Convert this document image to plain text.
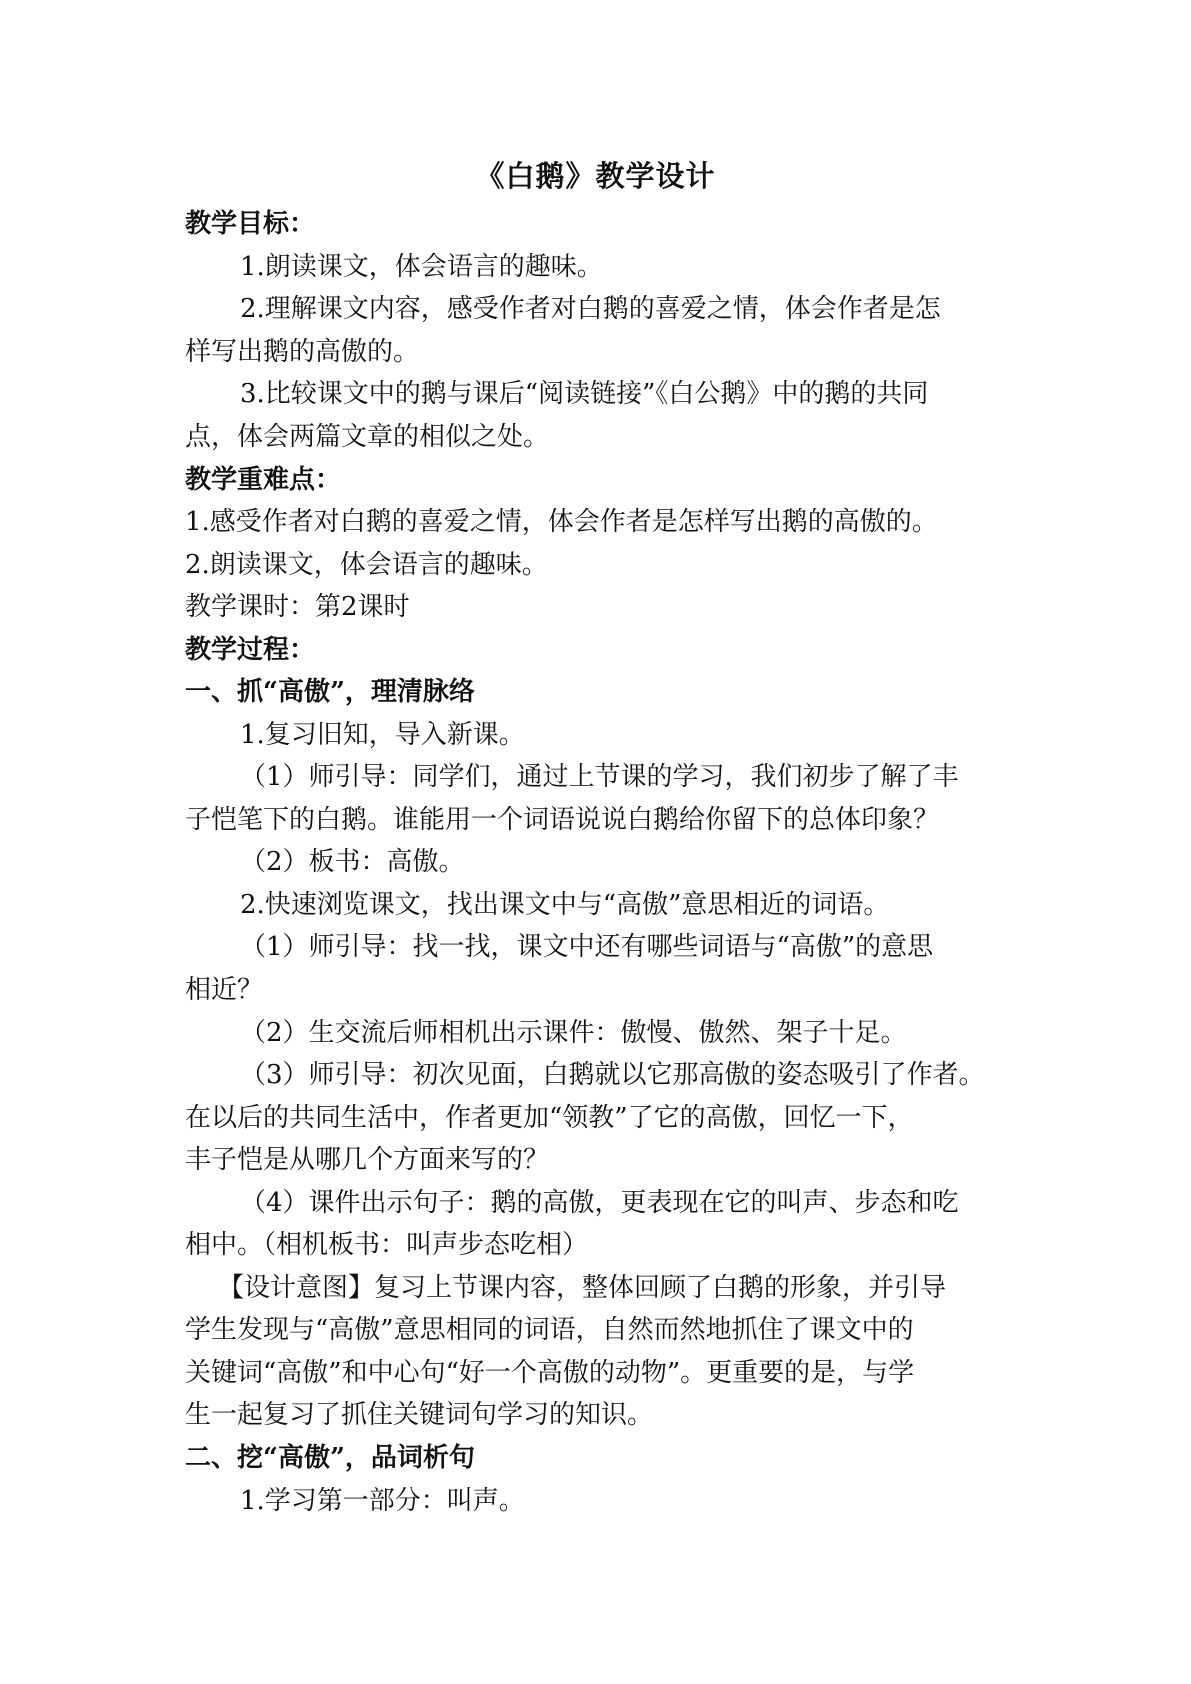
《白鹅》教学设计
教学目标：
1.朗读课文，体会语言的趣味。
2.理解课文内容，感受作者对白鹅的喜爱之情，体会作者是怎
样写出鹅的高傲的。
3.比较课文中的鹅与课后“阅读链接”《白公鹅》中的鹅的共同
点，体会两篇文章的相似之处。
教学重难点：
1.感受作者对白鹅的喜爱之情，体会作者是怎样写出鹅的高傲的。
2.朗读课文，体会语言的趣味。
教学课时：第2课时
教学过程：
一、抓“高傲”，理清脉络
1.复习旧知，导入新课。
（1）师引导：同学们，通过上节课的学习，我们初步了解了丰
子恺笔下的白鹅。谁能用一个词语说说白鹅给你留下的总体印象？
（2）板书：高傲。
2.快速浏览课文，找出课文中与“高傲”意思相近的词语。
（1）师引导：找一找，课文中还有哪些词语与“高傲”的意思
相近？
（2）生交流后师相机出示课件：傲慢、傲然、架子十足。
（3）师引导：初次见面，白鹅就以它那高傲的姿态吸引了作者。
在以后的共同生活中，作者更加“领教”了它的高傲，回忆一下，
丰子恺是从哪几个方面来写的？
（4）课件出示句子：鹅的高傲，更表现在它的叫声、步态和吃
相中。（相机板书：叫声步态吃相）
【设计意图】复习上节课内容，整体回顾了白鹅的形象，并引导
学生发现与“高傲”意思相同的词语，自然而然地抓住了课文中的
关键词“高傲”和中心句“好一个高傲的动物”。更重要的是，与学
生一起复习了抓住关键词句学习的知识。
二、挖“高傲”，品词析句
1.学习第一部分：叫声。
